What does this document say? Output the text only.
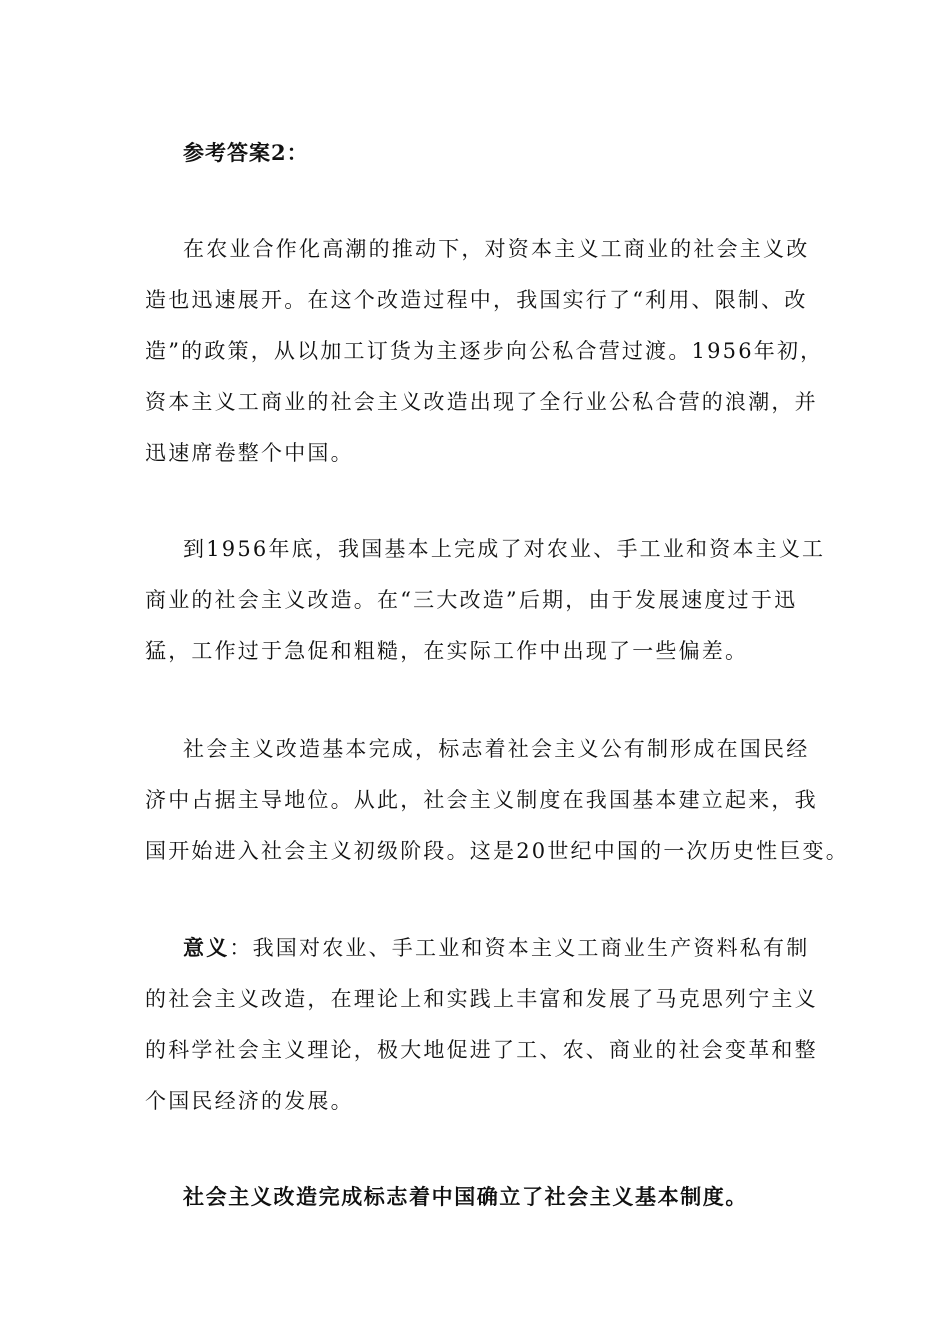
参考答案2：

在农业合作化高潮的推动下，对资本主义工商业的社会主义改
造也迅速展开。在这个改造过程中，我国实行了“利用、限制、改
造”的政策，从以加工订货为主逐步向公私合营过渡。1956年初，
资本主义工商业的社会主义改造出现了全行业公私合营的浪潮，并
迅速席卷整个中国。

到1956年底，我国基本上完成了对农业、手工业和资本主义工
商业的社会主义改造。在“三大改造”后期，由于发展速度过于迅
猛，工作过于急促和粗糙，在实际工作中出现了一些偏差。

社会主义改造基本完成，标志着社会主义公有制形成在国民经
济中占据主导地位。从此，社会主义制度在我国基本建立起来，我
国开始进入社会主义初级阶段。这是20世纪中国的一次历史性巨变。

意义：我国对农业、手工业和资本主义工商业生产资料私有制
的社会主义改造，在理论上和实践上丰富和发展了马克思列宁主义
的科学社会主义理论，极大地促进了工、农、商业的社会变革和整
个国民经济的发展。

社会主义改造完成标志着中国确立了社会主义基本制度。
